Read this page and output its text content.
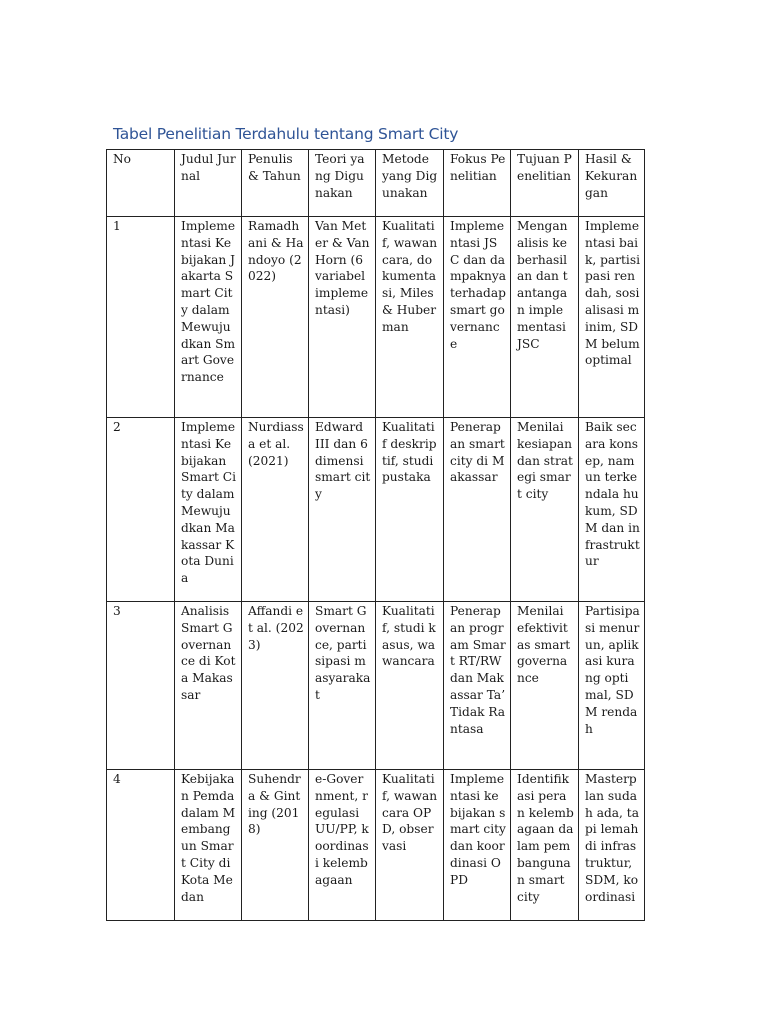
Tabel Penelitian Terdahulu tentang Smart City
No	Judul Jurnal	Penulis & Tahun	Teori yang Digunakan	Metode yang Digunakan	Fokus Penelitian	Tujuan Penelitian	Hasil & Kekurangan
1	Implementasi Kebijakan Jakarta Smart City dalam Mewujudkan Smart Governance	Ramadhani & Handoyo (2022)	Van Meter & Van Horn (6 variabel implementasi)	Kualitatif, wawancara, dokumentasi, Miles & Huberman	Implementasi JSC dan dampaknya terhadap smart governance	Menganalisis keberhasilan dan tantangan implementasi JSC	Implementasi baik, partisipasi rendah, sosialisasi minim, SDM belum optimal
2	Implementasi Kebijakan Smart City dalam Mewujudkan Makassar Kota Dunia	Nurdiassa et al. (2021)	Edward III dan 6 dimensi smart city	Kualitatif deskriptif, studi pustaka	Penerapan smart city di Makassar	Menilai kesiapan dan strategi smart city	Baik secara konsep, namun terkendala hukum, SDM dan infrastruktur
3	Analisis Smart Governance di Kota Makassar	Affandi et al. (2023)	Smart Governance, partisipasi masyarakat	Kualitatif, studi kasus, wawancara	Penerapan program Smart RT/RW dan Makassar Ta’ Tidak Rantasa	Menilai efektivitas smart governance	Partisipasi menurun, aplikasi kurang optimal, SDM rendah
4	Kebijakan Pemda dalam Membangun Smart City di Kota Medan	Suhendra & Ginting (2018)	e-Government, regulasi UU/PP, koordinasi kelembagaan	Kualitatif, wawancara OPD, observasi	Implementasi kebijakan smart city dan koordinasi OPD	Identifikasi peran kelembagaan dalam pembangunan smart city	Masterplan sudah ada, tapi lemah di infrastruktur, SDM, koordinasi
